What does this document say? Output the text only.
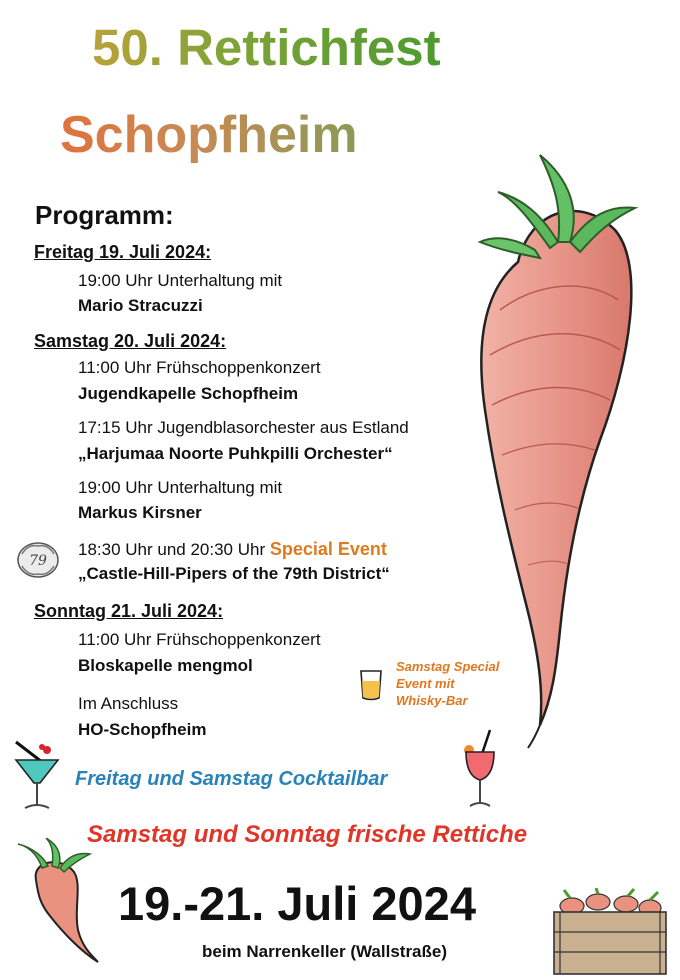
50. Rettichfest
Schopfheim
Programm:
Freitag 19. Juli 2024:
19:00 Uhr Unterhaltung mit
Mario Stracuzzi
Samstag 20. Juli 2024:
11:00 Uhr Frühschoppenkonzert
Jugendkapelle Schopfheim
17:15 Uhr Jugendblasorchester aus Estland
„Harjumaa Noorte Puhkpilli Orchester“
19:00 Uhr Unterhaltung mit
Markus Kirsner
79
18:30 Uhr und 20:30 Uhr Special Event
„Castle-Hill-Pipers of the 79th District“
Sonntag 21. Juli 2024:
11:00 Uhr Frühschoppenkonzert
Bloskapelle mengmol
Im Anschluss
HO-Schopfheim
Samstag Special
Event mit
Whisky-Bar
Freitag und Samstag Cocktailbar
Samstag und Sonntag frische Rettiche
19.-21. Juli 2024
beim Narrenkeller (Wallstraße)
